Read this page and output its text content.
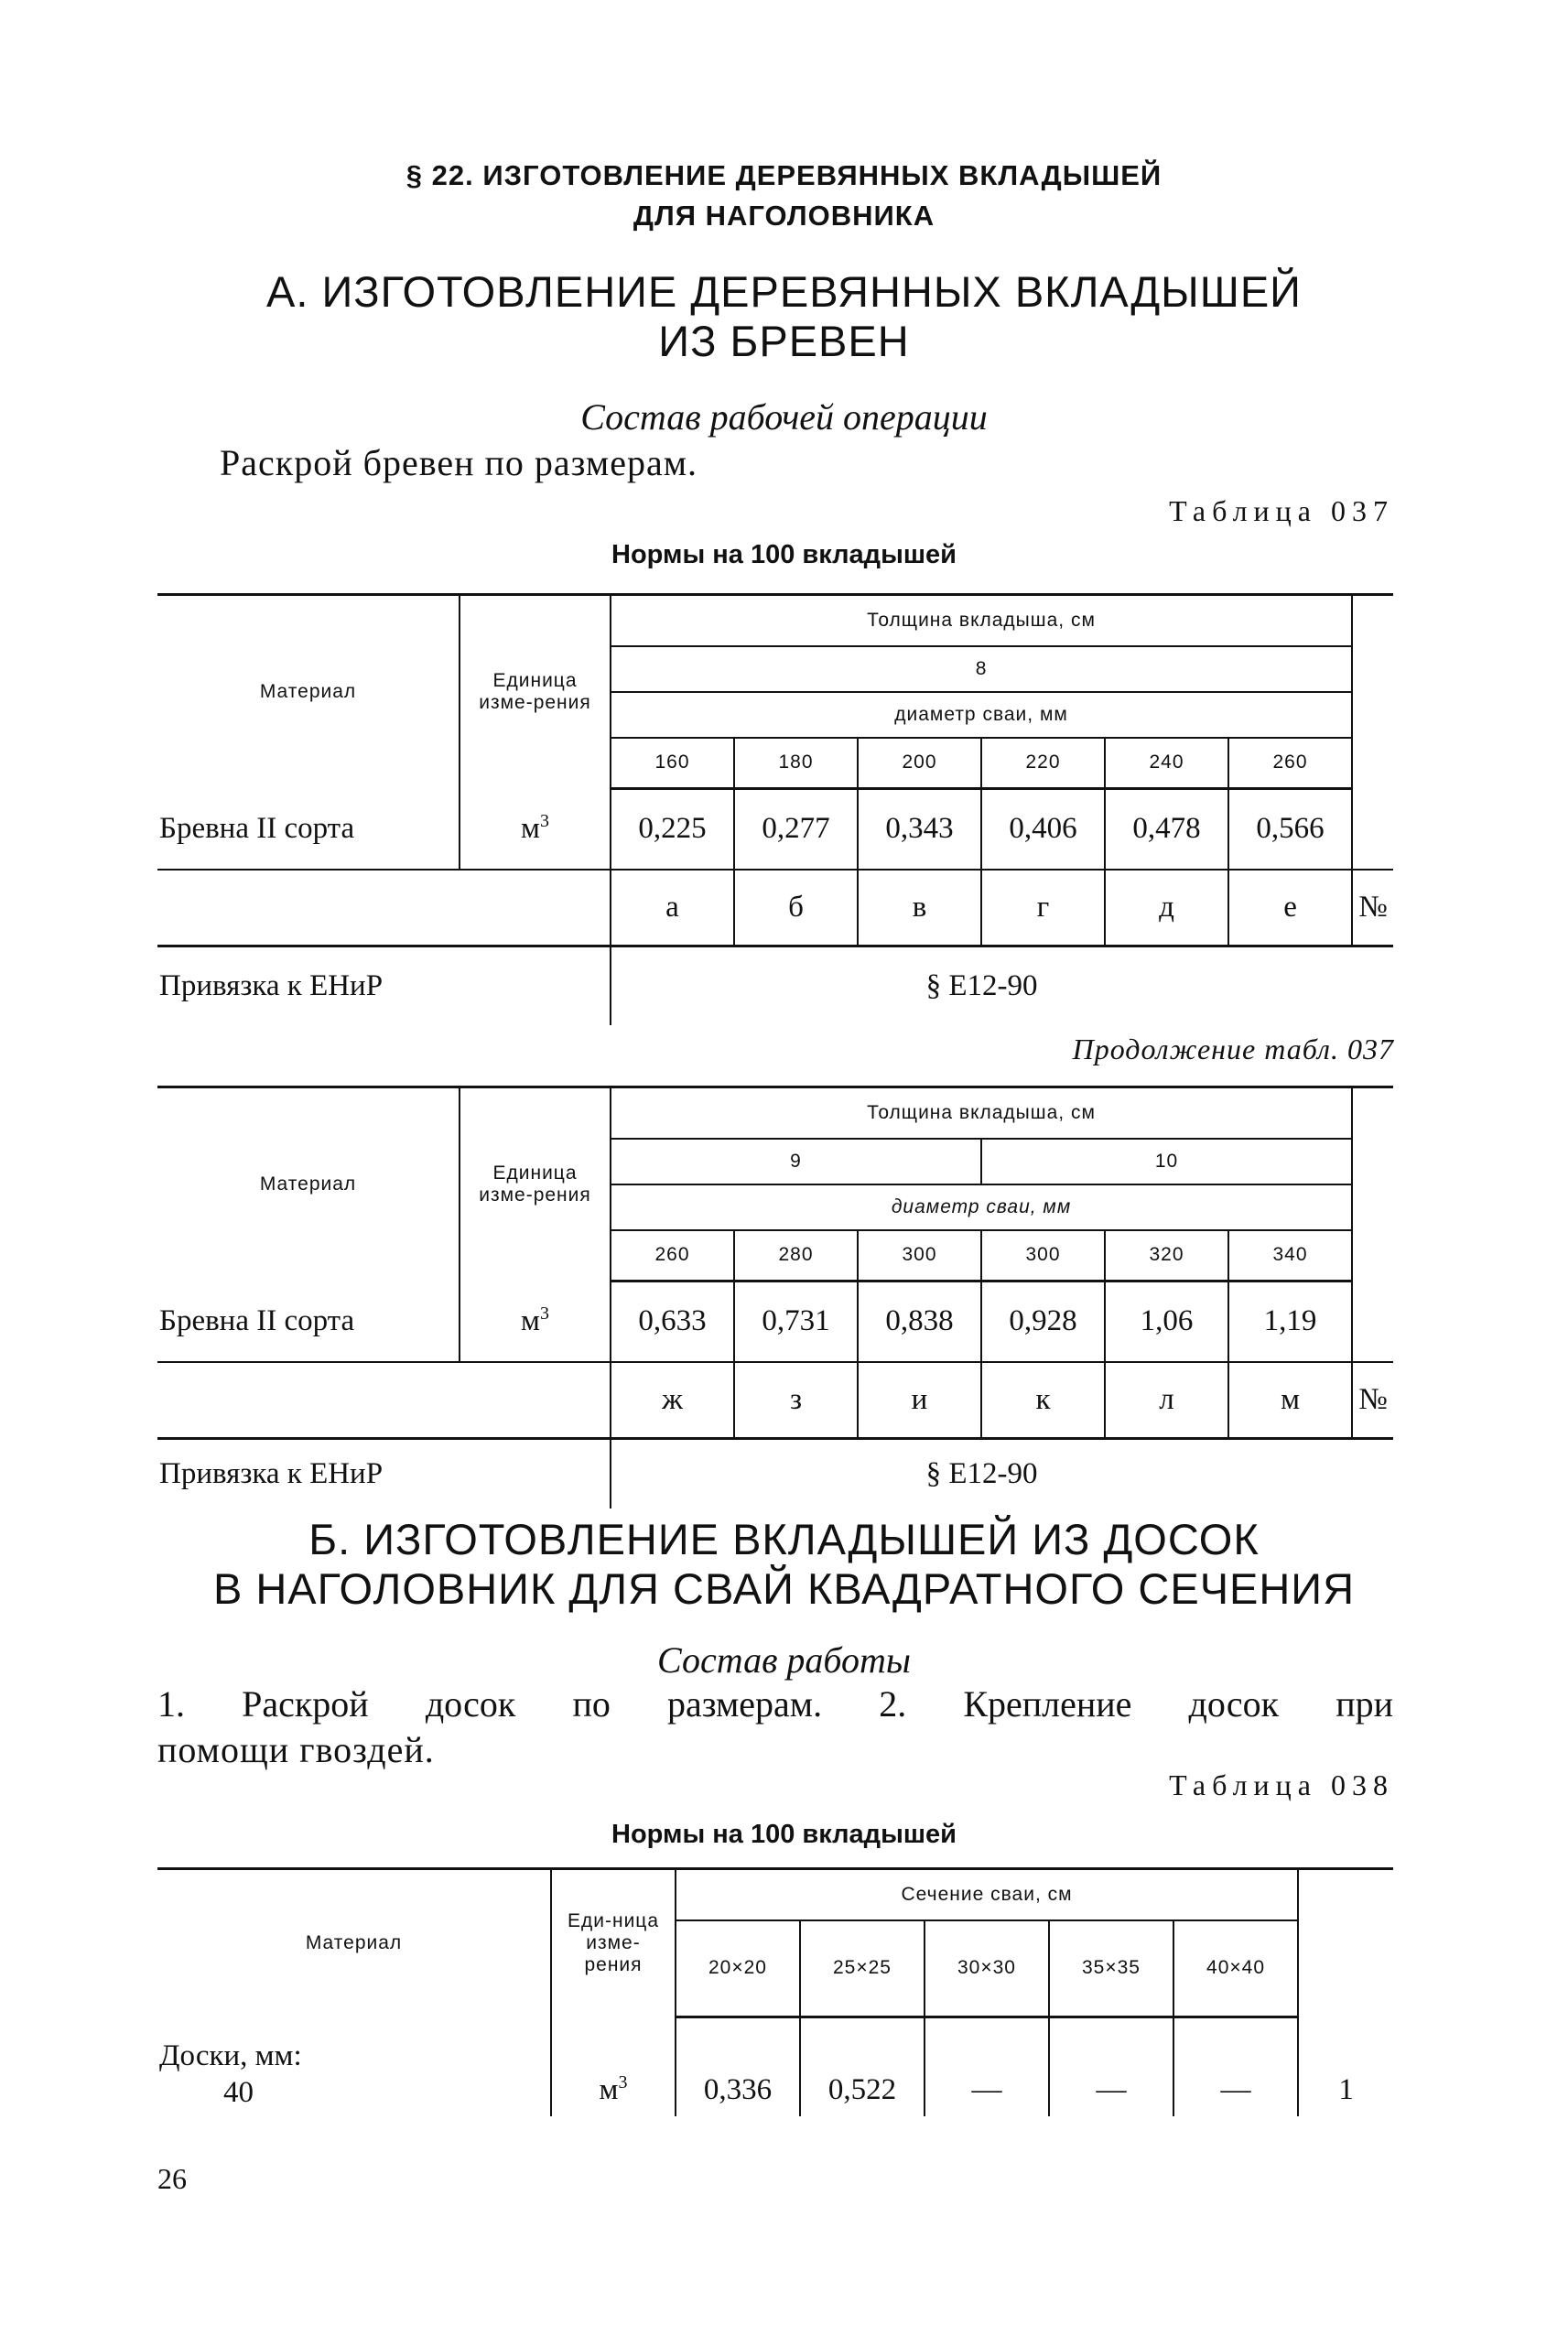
§ 22. ИЗГОТОВЛЕНИЕ ДЕРЕВЯННЫХ ВКЛАДЫШЕЙ
ДЛЯ НАГОЛОВНИКА
А. ИЗГОТОВЛЕНИЕ ДЕРЕВЯННЫХ ВКЛАДЫШЕЙ
ИЗ БРЕВЕН
Состав рабочей операции
Раскрой бревен по размерам.
Таблица 037
Нормы на 100 вкладышей
Материал	Единица изме-рения	Толщина вкладыша, см						
		8						
		диаметр сваи, мм						
		160	180	200	220	240	260	
Бревна II сорта	$м^3$	0,225	0,277	0,343	0,406	0,478	0,566	
		а	б	в	г	д	е	№
Привязка к ЕНиР		§ Е12-90						
Продолжение табл. 037
Материал	Единица изме-рения	Толщина вкладыша, см						
		9			10			
		диаметр сваи, мм						
		260	280	300	300	320	340	
Бревна II сорта	$м^3$	0,633	0,731	0,838	0,928	1,06	1,19	
		ж	з	и	к	л	м	№
Привязка к ЕНиР		§ Е12-90						
Б. ИЗГОТОВЛЕНИЕ ВКЛАДЫШЕЙ ИЗ ДОСОК
В НАГОЛОВНИК ДЛЯ СВАЙ КВАДРАТНОГО СЕЧЕНИЯ
Состав работы
1. Раскрой досок по размерам. 2. Крепление досок при
помощи гвоздей.
Таблица 038
Нормы на 100 вкладышей
Материал	Еди-ница изме-рения	Сечение сваи, см					
		20×20	25×25	30×30	35×35	40×40	

Доски, мм:
40	$м^3$	0,336	0,522	—	—	—	1
26
